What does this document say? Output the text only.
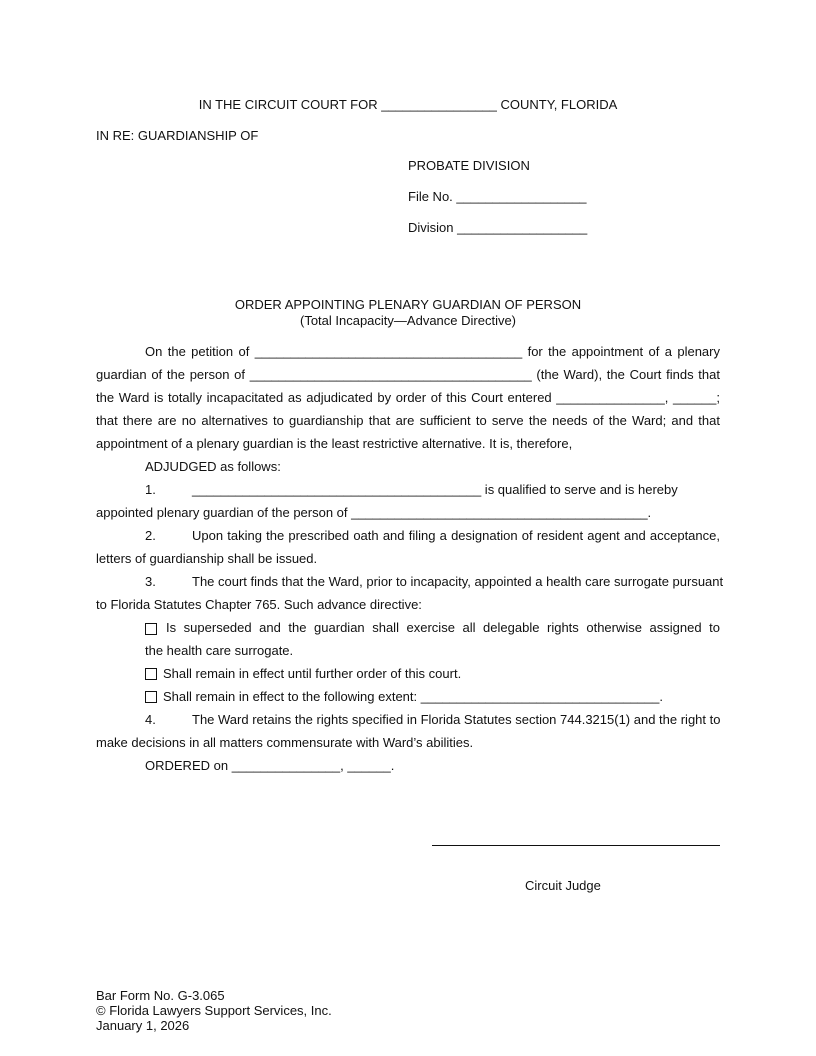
IN THE CIRCUIT COURT FOR ________________ COUNTY, FLORIDA
IN RE: GUARDIANSHIP OF
PROBATE DIVISION
File No. __________________
Division __________________
ORDER APPOINTING PLENARY GUARDIAN OF PERSON
(Total Incapacity—Advance Directive)
On the petition of _____________________________________ for the appointment of a plenary
guardian of the person of _______________________________________ (the Ward), the Court finds that
the Ward is totally incapacitated as adjudicated by order of this Court entered _______________, ______;
that there are no alternatives to guardianship that are sufficient to serve the needs of the Ward; and that
appointment of a plenary guardian is the least restrictive alternative. It is, therefore,
ADJUDGED as follows:
1.	________________________________________ is qualified to serve and is hereby
appointed plenary guardian of the person of _________________________________________.
2.	Upon taking the prescribed oath and filing a designation of resident agent and acceptance,
letters of guardianship shall be issued.
3.	The court finds that the Ward, prior to incapacity, appointed a health care surrogate pursuant
to Florida Statutes Chapter 765. Such advance directive:
Is superseded and the guardian shall exercise all delegable rights otherwise assigned to
the health care surrogate.
Shall remain in effect until further order of this court.
Shall remain in effect to the following extent: _________________________________.
4.	The Ward retains the rights specified in Florida Statutes section 744.3215(1) and the right to
make decisions in all matters commensurate with Ward’s abilities.
ORDERED on _______________, ______.
Circuit Judge
Bar Form No. G-3.065
© Florida Lawyers Support Services, Inc.
January 1, 2026
